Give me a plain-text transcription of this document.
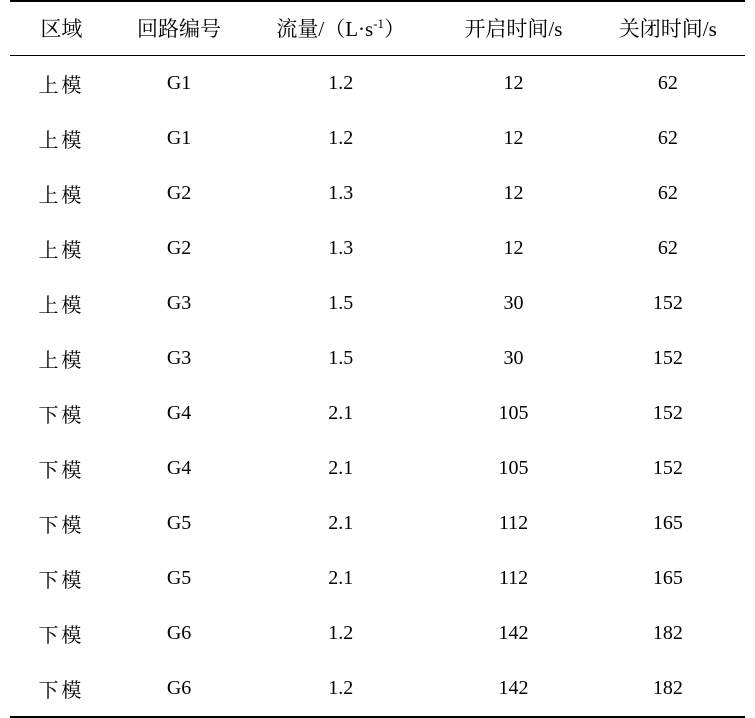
区域	回路编号	流量$/(L\cdot s^{-1})$	开启时间/s	关闭时间/s
上模	G1	1.2	12	62
上模	G1	1.2	12	62
上模	G2	1.3	12	62
上模	G2	1.3	12	62
上模	G3	1.5	30	152
上模	G3	1.5	30	152
下模	G4	2.1	105	152
下模	G4	2.1	105	152
下模	G5	2.1	112	165
下模	G5	2.1	112	165
下模	G6	1.2	142	182
下模	G6	1.2	142	182
